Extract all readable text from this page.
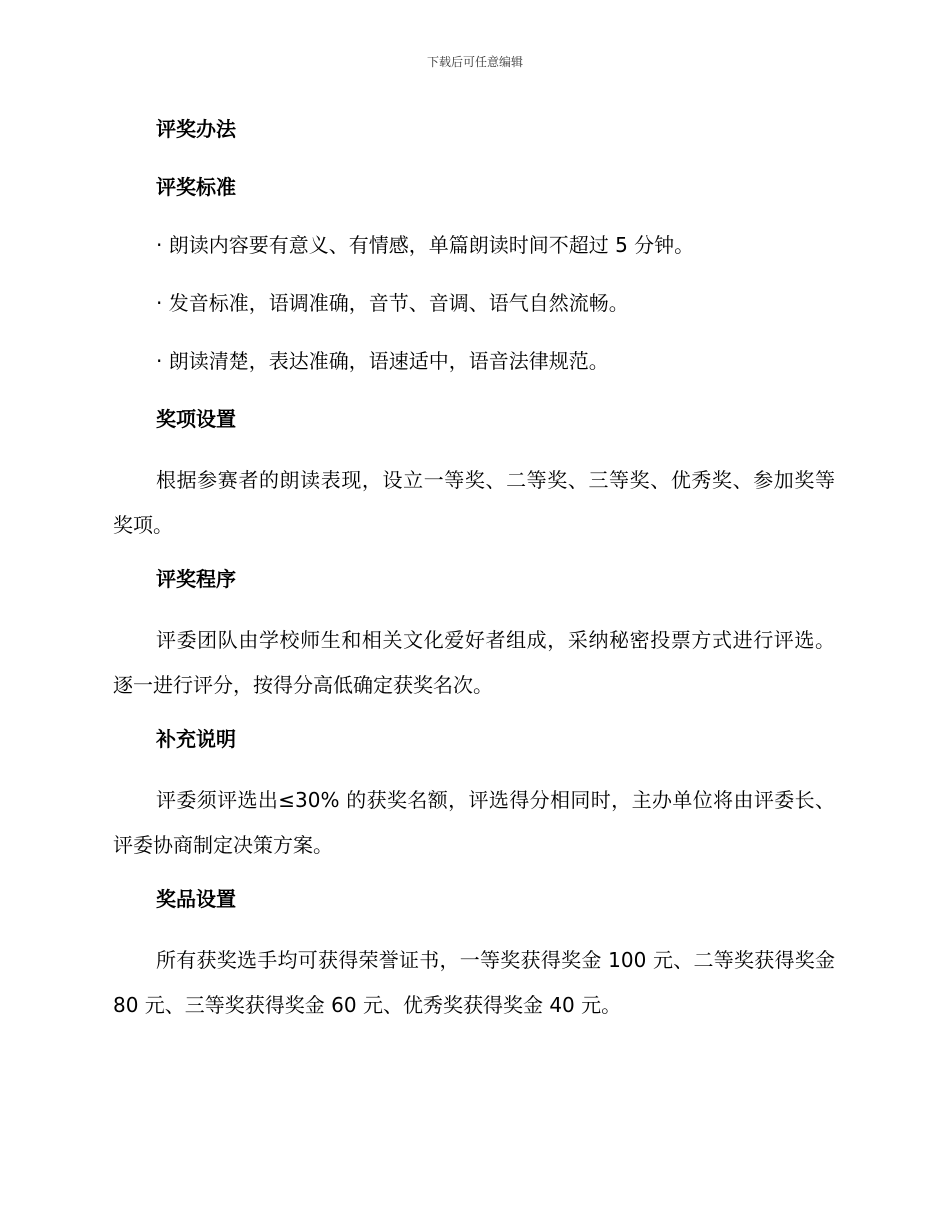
下载后可任意编辑

评奖办法

评奖标准

· 朗读内容要有意义、有情感，单篇朗读时间不超过 5 分钟。

· 发音标准，语调准确，音节、音调、语气自然流畅。

· 朗读清楚，表达准确，语速适中，语音法律规范。

奖项设置

根据参赛者的朗读表现，设立一等奖、二等奖、三等奖、优秀奖、参加奖等奖项。

评奖程序

评委团队由学校师生和相关文化爱好者组成，采纳秘密投票方式进行评选。逐一进行评分，按得分高低确定获奖名次。

补充说明

评委须评选出≤30% 的获奖名额，评选得分相同时，主办单位将由评委长、评委协商制定决策方案。

奖品设置

所有获奖选手均可获得荣誉证书，一等奖获得奖金 100 元、二等奖获得奖金 80 元、三等奖获得奖金 60 元、优秀奖获得奖金 40 元。
